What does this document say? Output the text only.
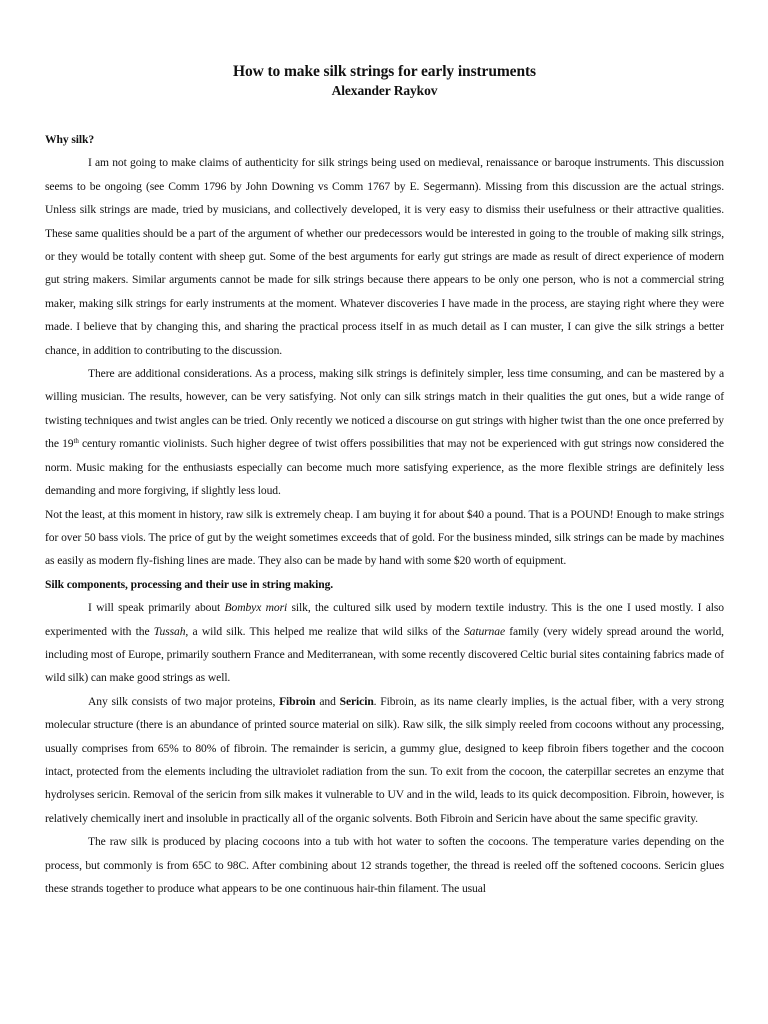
How to make silk strings for early instruments
Alexander Raykov
Why silk?

I am not going to make claims of authenticity for silk strings being used on medieval, renaissance or baroque instruments. This discussion seems to be ongoing (see Comm 1796 by John Downing vs Comm 1767 by E. Segermann). Missing from this discussion are the actual strings. Unless silk strings are made, tried by musicians, and collectively developed, it is very easy to dismiss their usefulness or their attractive qualities. These same qualities should be a part of the argument of whether our predecessors would be interested in going to the trouble of making silk strings, or they would be totally content with sheep gut. Some of the best arguments for early gut strings are made as result of direct experience of modern gut string makers. Similar arguments cannot be made for silk strings because there appears to be only one person, who is not a commercial string maker, making silk strings for early instruments at the moment. Whatever discoveries I have made in the process, are staying right where they were made. I believe that by changing this, and sharing the practical process itself in as much detail as I can muster, I can give the silk strings a better chance, in addition to contributing to the discussion.

There are additional considerations. As a process, making silk strings is definitely simpler, less time consuming, and can be mastered by a willing musician. The results, however, can be very satisfying. Not only can silk strings match in their qualities the gut ones, but a wide range of twisting techniques and twist angles can be tried. Only recently we noticed a discourse on gut strings with higher twist than the one once preferred by the 19th century romantic violinists. Such higher degree of twist offers possibilities that may not be experienced with gut strings now considered the norm. Music making for the enthusiasts especially can become much more satisfying experience, as the more flexible strings are definitely less demanding and more forgiving, if slightly less loud.

Not the least, at this moment in history, raw silk is extremely cheap. I am buying it for about $40 a pound. That is a POUND! Enough to make strings for over 50 bass viols. The price of gut by the weight sometimes exceeds that of gold. For the business minded, silk strings can be made by machines as easily as modern fly-fishing lines are made. They also can be made by hand with some $20 worth of equipment.

Silk components, processing and their use in string making.

I will speak primarily about Bombyx mori silk, the cultured silk used by modern textile industry. This is the one I used mostly. I also experimented with the Tussah, a wild silk. This helped me realize that wild silks of the Saturnae family (very widely spread around the world, including most of Europe, primarily southern France and Mediterranean, with some recently discovered Celtic burial sites containing fabrics made of wild silk) can make good strings as well.

Any silk consists of two major proteins, Fibroin and Sericin. Fibroin, as its name clearly implies, is the actual fiber, with a very strong molecular structure (there is an abundance of printed source material on silk). Raw silk, the silk simply reeled from cocoons without any processing, usually comprises from 65% to 80% of fibroin. The remainder is sericin, a gummy glue, designed to keep fibroin fibers together and the cocoon intact, protected from the elements including the ultraviolet radiation from the sun. To exit from the cocoon, the caterpillar secretes an enzyme that hydrolyses sericin. Removal of the sericin from silk makes it vulnerable to UV and in the wild, leads to its quick decomposition. Fibroin, however, is relatively chemically inert and insoluble in practically all of the organic solvents. Both Fibroin and Sericin have about the same specific gravity.

The raw silk is produced by placing cocoons into a tub with hot water to soften the cocoons. The temperature varies depending on the process, but commonly is from 65C to 98C. After combining about 12 strands together, the thread is reeled off the softened cocoons. Sericin glues these strands together to produce what appears to be one continuous hair-thin filament. The usual
